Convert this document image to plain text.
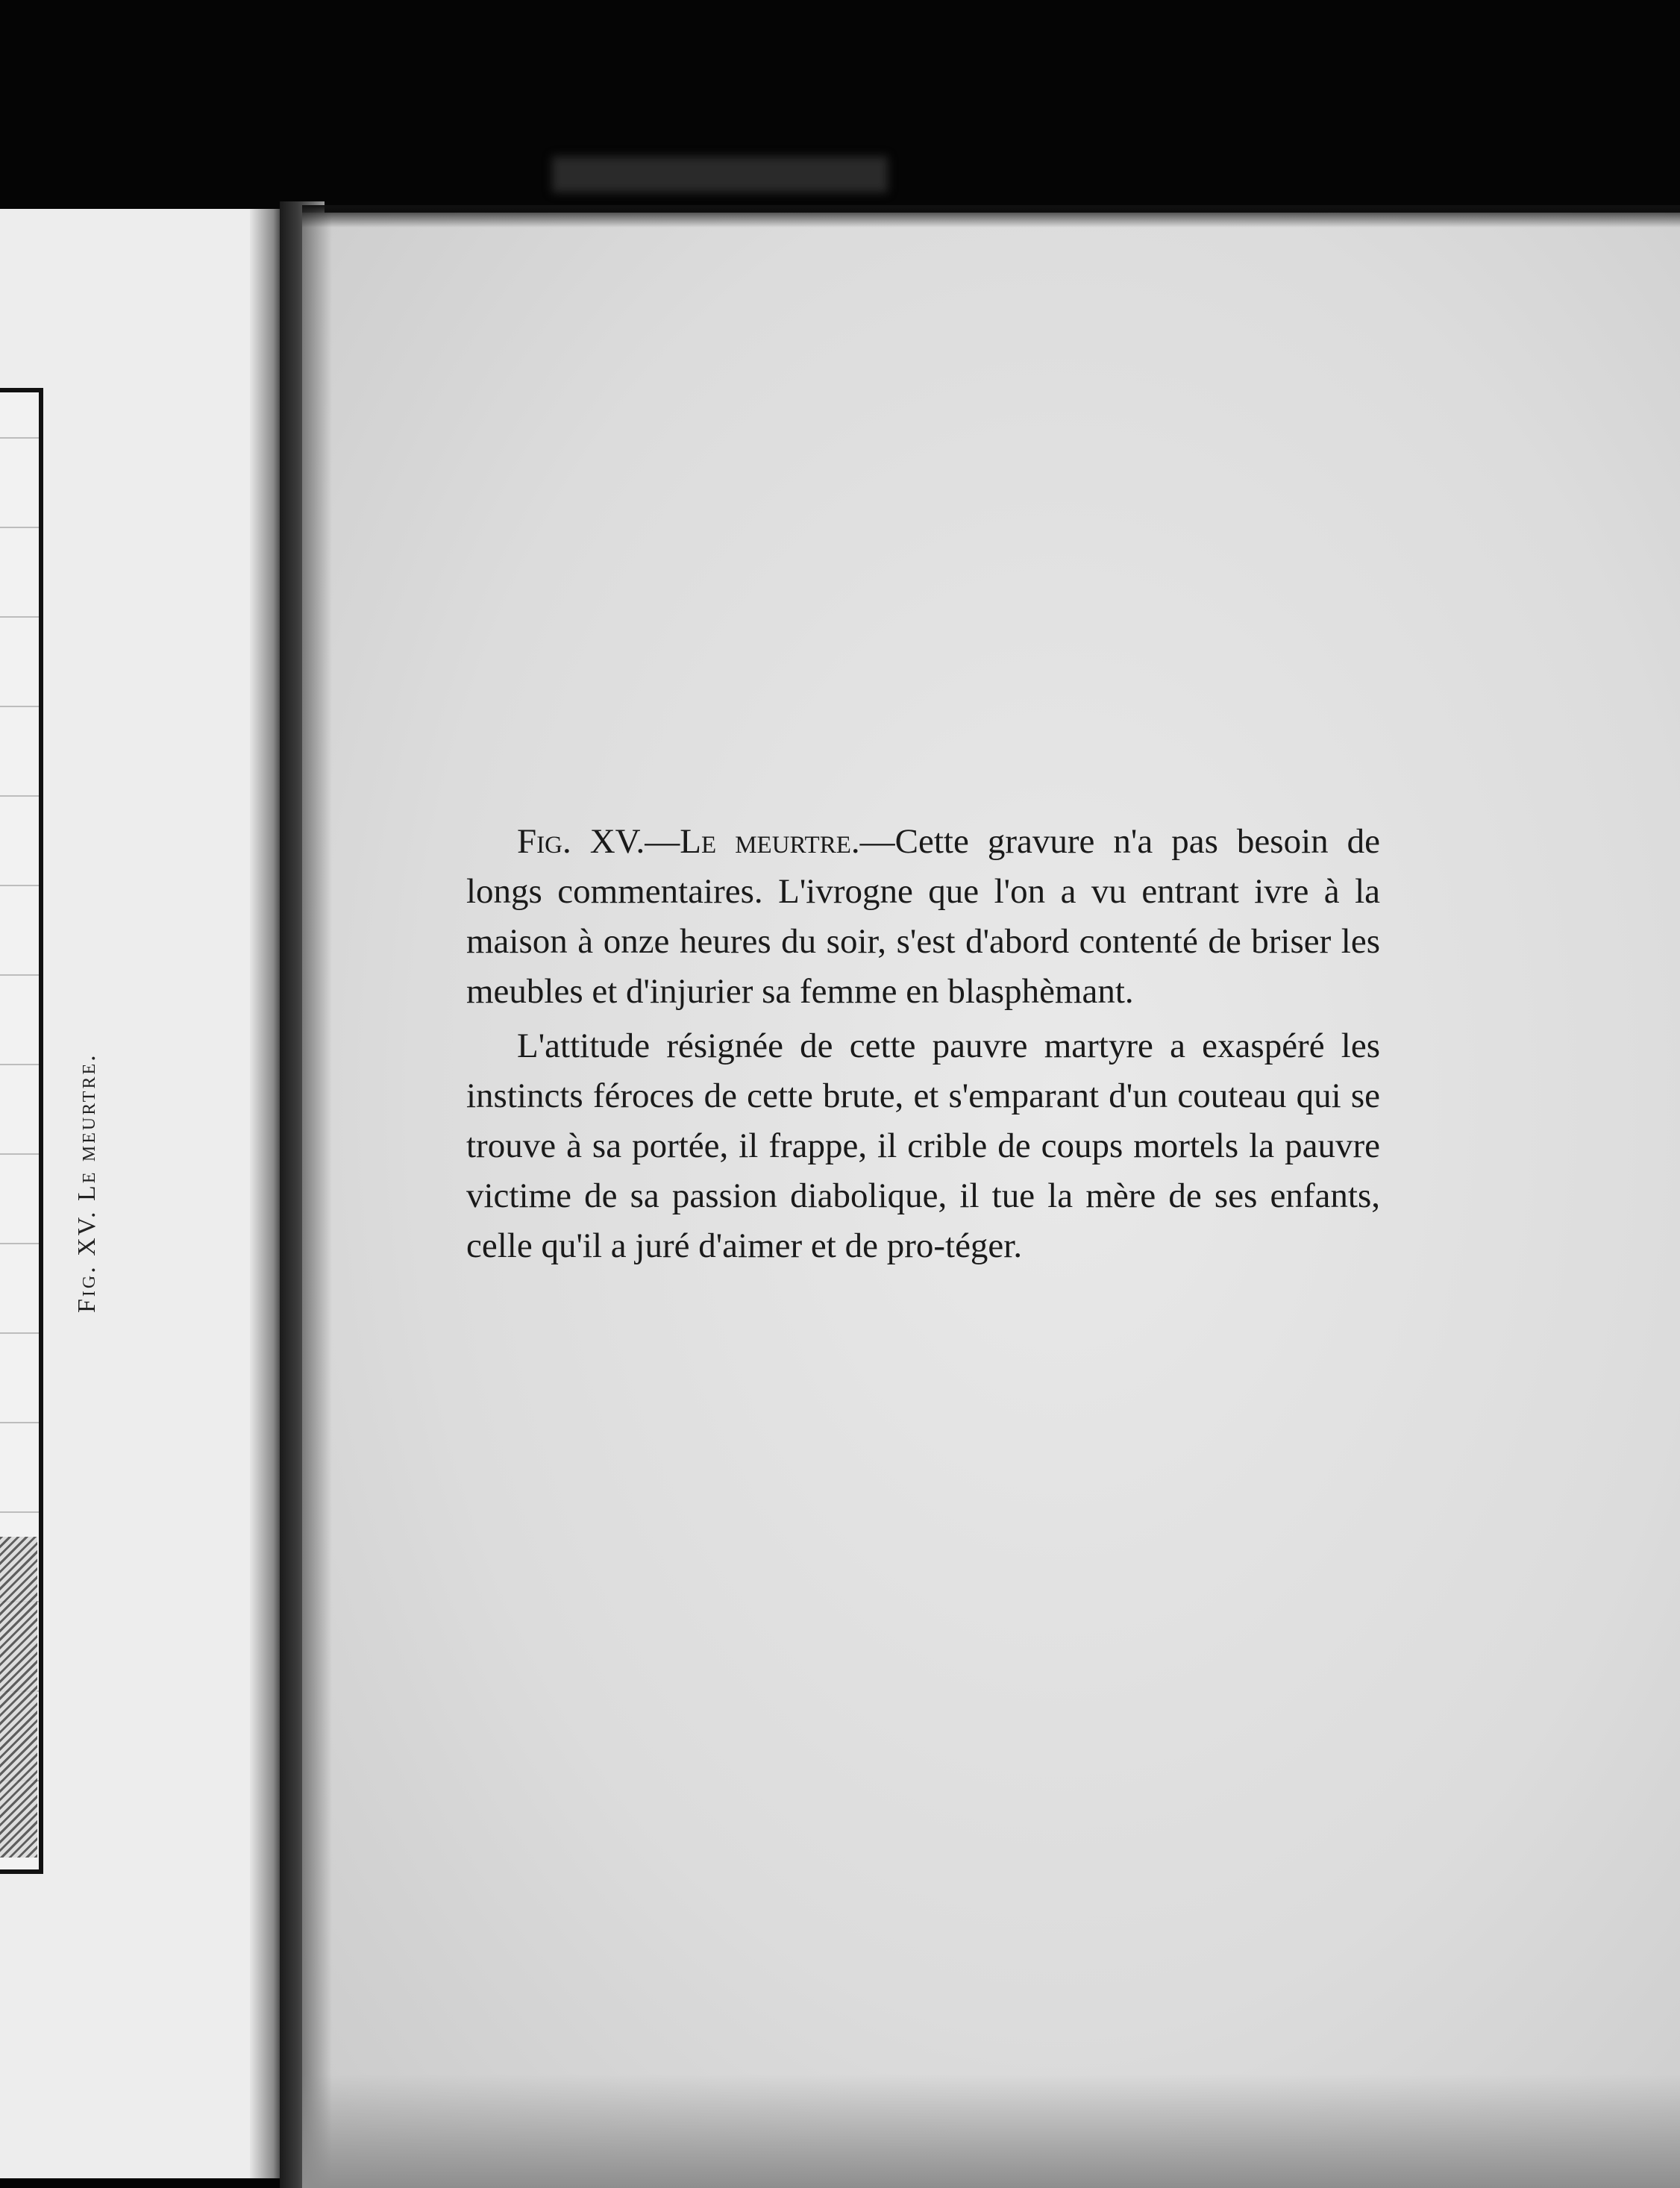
Fig. XV. Le meurtre.

Fig. XV.—Le meurtre.—Cette gravure n'a pas besoin de longs commentaires. L'ivrogne que l'on a vu entrant ivre à la maison à onze heures du soir, s'est d'abord contenté de briser les meubles et d'injurier sa femme en blasphèmant.

L'attitude résignée de cette pauvre martyre a exaspéré les instincts féroces de cette brute, et s'emparant d'un couteau qui se trouve à sa portée, il frappe, il crible de coups mortels la pauvre victime de sa passion diabolique, il tue la mère de ses enfants, celle qu'il a juré d'aimer et de pro-téger.
